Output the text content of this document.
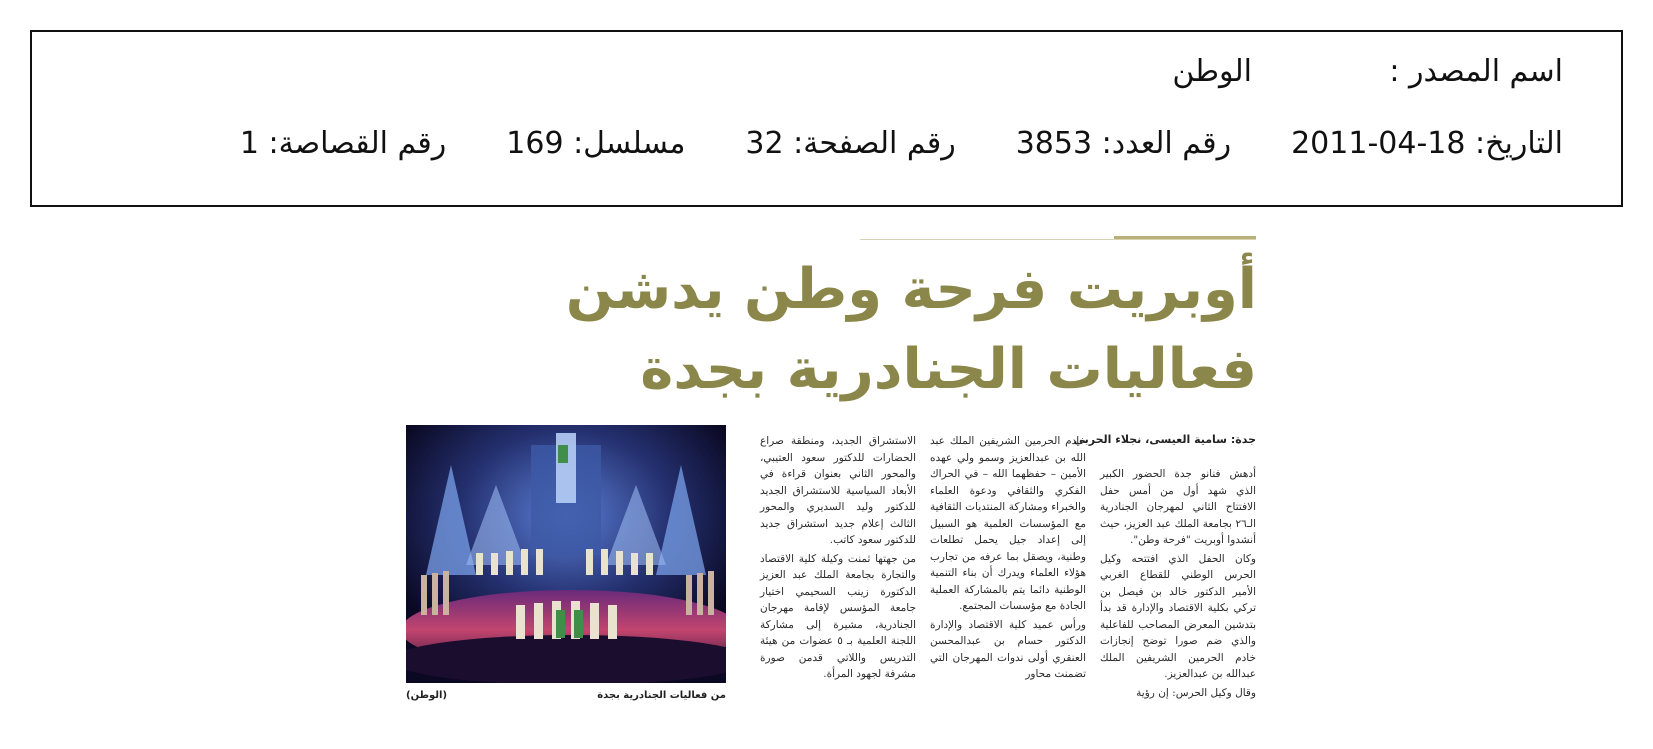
اسم المصدر :
الوطن
التاريخ: 18-04-2011
رقم العدد: 3853
رقم الصفحة: 32
مسلسل: 169
رقم القصاصة: 1
أوبريت فرحة وطن يدشن فعاليات الجنادرية بجدة

جدة: سامية العيسى، نجلاء الحربي

أدهش فنانو جدة الحضور الكبير الذي شهد أول من أمس حفل الافتتاح الثاني لمهرجان الجنادرية الـ٢٦ بجامعة الملك عبد العزيز، حيث أنشدوا أوبريت "فرحة وطن".

وكان الحفل الذي افتتحه وكيل الحرس الوطني للقطاع الغربي الأمير الدكتور خالد بن فيصل بن تركي بكلية الاقتصاد والإدارة قد بدأ بتدشين المعرض المصاحب للفاعلية والذي ضم صورا توضح إنجازات خادم الحرمين الشريفين الملك عبدالله بن عبدالعزيز.

وقال وكيل الحرس: إن رؤية

خادم الحرمين الشريفين الملك عبد الله بن عبدالعزيز وسمو ولي عهده الأمين – حفظهما الله – في الحراك الفكري والثقافي ودعوة العلماء والخبراء ومشاركة المنتديات الثقافية مع المؤسسات العلمية هو السبيل إلى إعداد جيل يحمل تطلعات وطنية، ويصقل بما عرفه من تجارب هؤلاء العلماء ويدرك أن بناء التنمية الوطنية دائما يتم بالمشاركة العملية الجادة مع مؤسسات المجتمع.

ورأس عميد كلية الاقتصاد والإدارة الدكتور حسام بن عبدالمحسن العنقري أولى ندوات المهرجان التي تضمنت محاور

الاستشراق الجديد، ومنطقة صراع الحضارات للدكتور سعود العتيبي، والمحور الثاني بعنوان قراءة في الأبعاد السياسية للاستشراق الجديد للدكتور وليد السديري والمحور الثالث إعلام جديد استشراق جديد للدكتور سعود كاتب.

من جهتها ثمنت وكيلة كلية الاقتصاد والتجارة بجامعة الملك عبد العزيز الدكتورة زينب السحيمي اختيار جامعة المؤسس لإقامة مهرجان الجنادرية، مشيرة إلى مشاركة اللجنة العلمية بـ ٥ عضوات من هيئة التدريس واللاتي قدمن صورة مشرفة لجهود المرأة.

من فعاليات الجنادرية بجدة
(الوطن)
